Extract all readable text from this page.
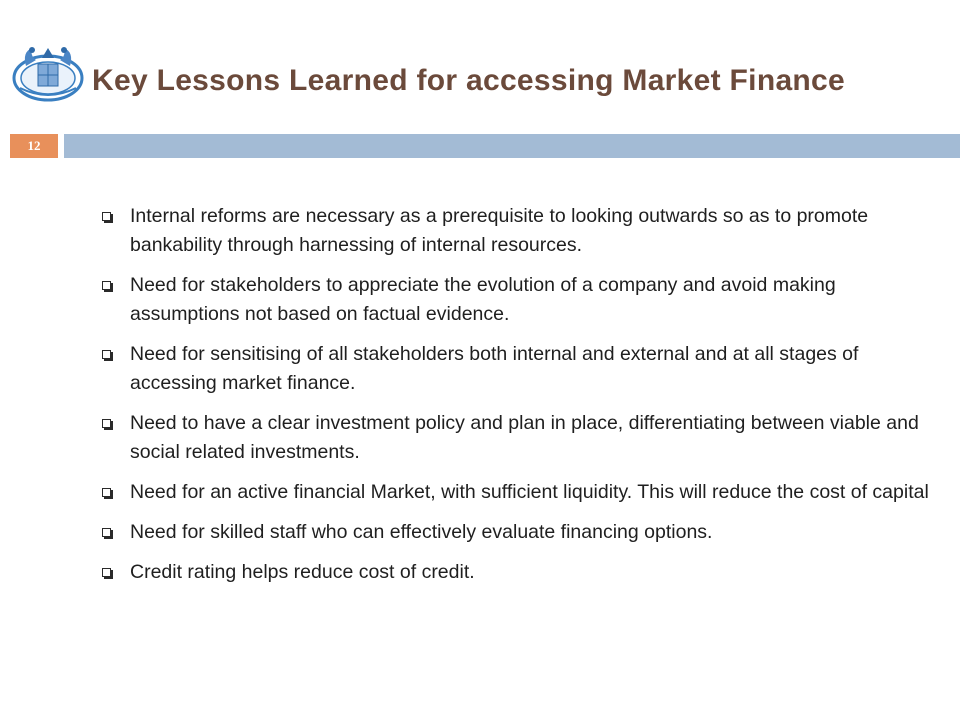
Key Lessons Learned for accessing Market Finance
12
Internal reforms are necessary as a prerequisite to looking outwards so as to promote bankability through harnessing of internal resources.
Need for stakeholders to appreciate the evolution of a company and avoid making assumptions not based on factual evidence.
Need for sensitising of all stakeholders both internal and external and at all stages of accessing market finance.
Need to have a clear investment policy and plan in place, differentiating between viable and social related investments.
Need for an active financial Market, with sufficient liquidity. This will reduce the cost of capital
Need for skilled staff who can effectively evaluate financing options.
Credit rating helps reduce cost of credit.
